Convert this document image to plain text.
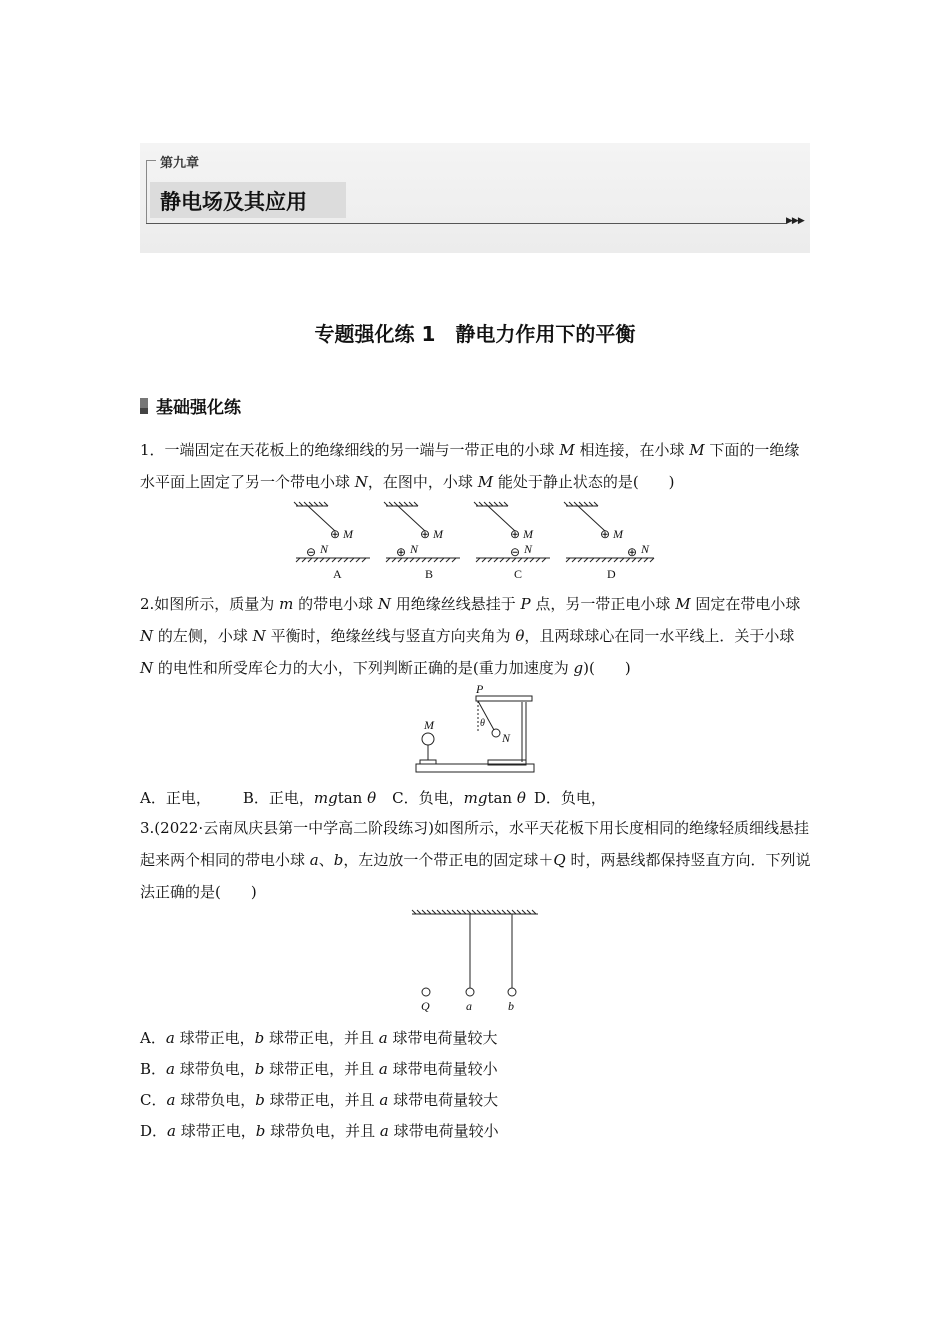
第九章
静电场及其应用
▶▶▶
专题强化练 1　静电力作用下的平衡
基础强化练
1．一端固定在天花板上的绝缘细线的另一端与一带正电的小球 M 相连接，在小球 M 下面的一绝缘水平面上固定了另一个带电小球 N，在图中，小球 M 能处于静止状态的是(　　)
⊕ M
⊖ N
A
⊕ M
⊕ N
B
⊕ M
⊖ N
C
⊕ M
⊕ N
D
2.如图所示，质量为 m 的带电小球 N 用绝缘丝线悬挂于 P 点，另一带正电小球 M 固定在带电小球 N 的左侧，小球 N 平衡时，绝缘丝线与竖直方向夹角为 θ，且两球球心在同一水平线上．关于小球 N 的电性和所受库仑力的大小，下列判断正确的是(重力加速度为 g)(　　)
P
M
N
θ
A．正电， B．正电，mgtan θ C．负电，mgtan θ D．负电，
3.(2022·云南凤庆县第一中学高二阶段练习)如图所示，水平天花板下用长度相同的绝缘轻质细线悬挂起来两个相同的带电小球 a、b，左边放一个带正电的固定球＋Q 时，两悬线都保持竖直方向．下列说法正确的是(　　)
Q	a	b
A．a 球带正电，b 球带正电，并且 a 球带电荷量较大
B．a 球带负电，b 球带正电，并且 a 球带电荷量较小
C．a 球带负电，b 球带正电，并且 a 球带电荷量较大
D．a 球带正电，b 球带负电，并且 a 球带电荷量较小
